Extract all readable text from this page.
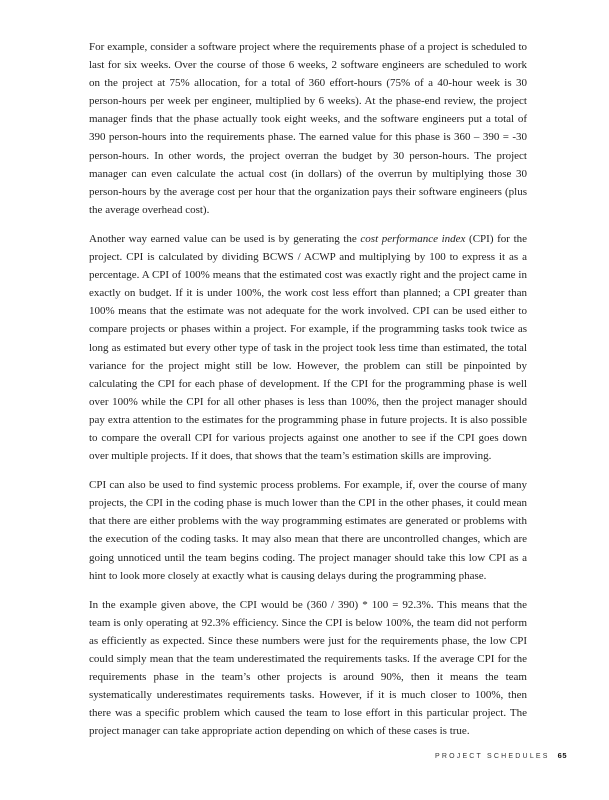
For example, consider a software project where the requirements phase of a project is scheduled to last for six weeks. Over the course of those 6 weeks, 2 software engineers are scheduled to work on the project at 75% allocation, for a total of 360 effort-hours (75% of a 40-hour week is 30 person-hours per week per engineer, multiplied by 6 weeks). At the phase-end review, the project manager finds that the phase actually took eight weeks, and the software engineers put a total of 390 person-hours into the requirements phase. The earned value for this phase is 360 – 390 = -30 person-hours. In other words, the project overran the budget by 30 person-hours. The project manager can even calculate the actual cost (in dollars) of the overrun by multiplying those 30 person-hours by the average cost per hour that the organization pays their software engineers (plus the average overhead cost).

Another way earned value can be used is by generating the cost performance index (CPI) for the project. CPI is calculated by dividing BCWS / ACWP and multiplying by 100 to express it as a percentage. A CPI of 100% means that the estimated cost was exactly right and the project came in exactly on budget. If it is under 100%, the work cost less effort than planned; a CPI greater than 100% means that the estimate was not adequate for the work involved. CPI can be used either to compare projects or phases within a project. For example, if the programming tasks took twice as long as estimated but every other type of task in the project took less time than estimated, the total variance for the project might still be low. However, the problem can still be pinpointed by calculating the CPI for each phase of development. If the CPI for the programming phase is well over 100% while the CPI for all other phases is less than 100%, then the project manager should pay extra attention to the estimates for the programming phase in future projects. It is also possible to compare the overall CPI for various projects against one another to see if the CPI goes down over multiple projects. If it does, that shows that the team’s estimation skills are improving.

CPI can also be used to find systemic process problems. For example, if, over the course of many projects, the CPI in the coding phase is much lower than the CPI in the other phases, it could mean that there are either problems with the way programming estimates are generated or problems with the execution of the coding tasks. It may also mean that there are uncontrolled changes, which are going unnoticed until the team begins coding. The project manager should take this low CPI as a hint to look more closely at exactly what is causing delays during the programming phase.

In the example given above, the CPI would be (360 / 390) * 100 = 92.3%. This means that the team is only operating at 92.3% efficiency. Since the CPI is below 100%, the team did not perform as efficiently as expected. Since these numbers were just for the requirements phase, the low CPI could simply mean that the team underestimated the requirements tasks. If the average CPI for the requirements phase in the team’s other projects is around 90%, then it means the team systematically underestimates requirements tasks. However, if it is much closer to 100%, then there was a specific problem which caused the team to lose effort in this particular project. The project manager can take appropriate action depending on which of these cases is true.

PROJECT SCHEDULES 65
